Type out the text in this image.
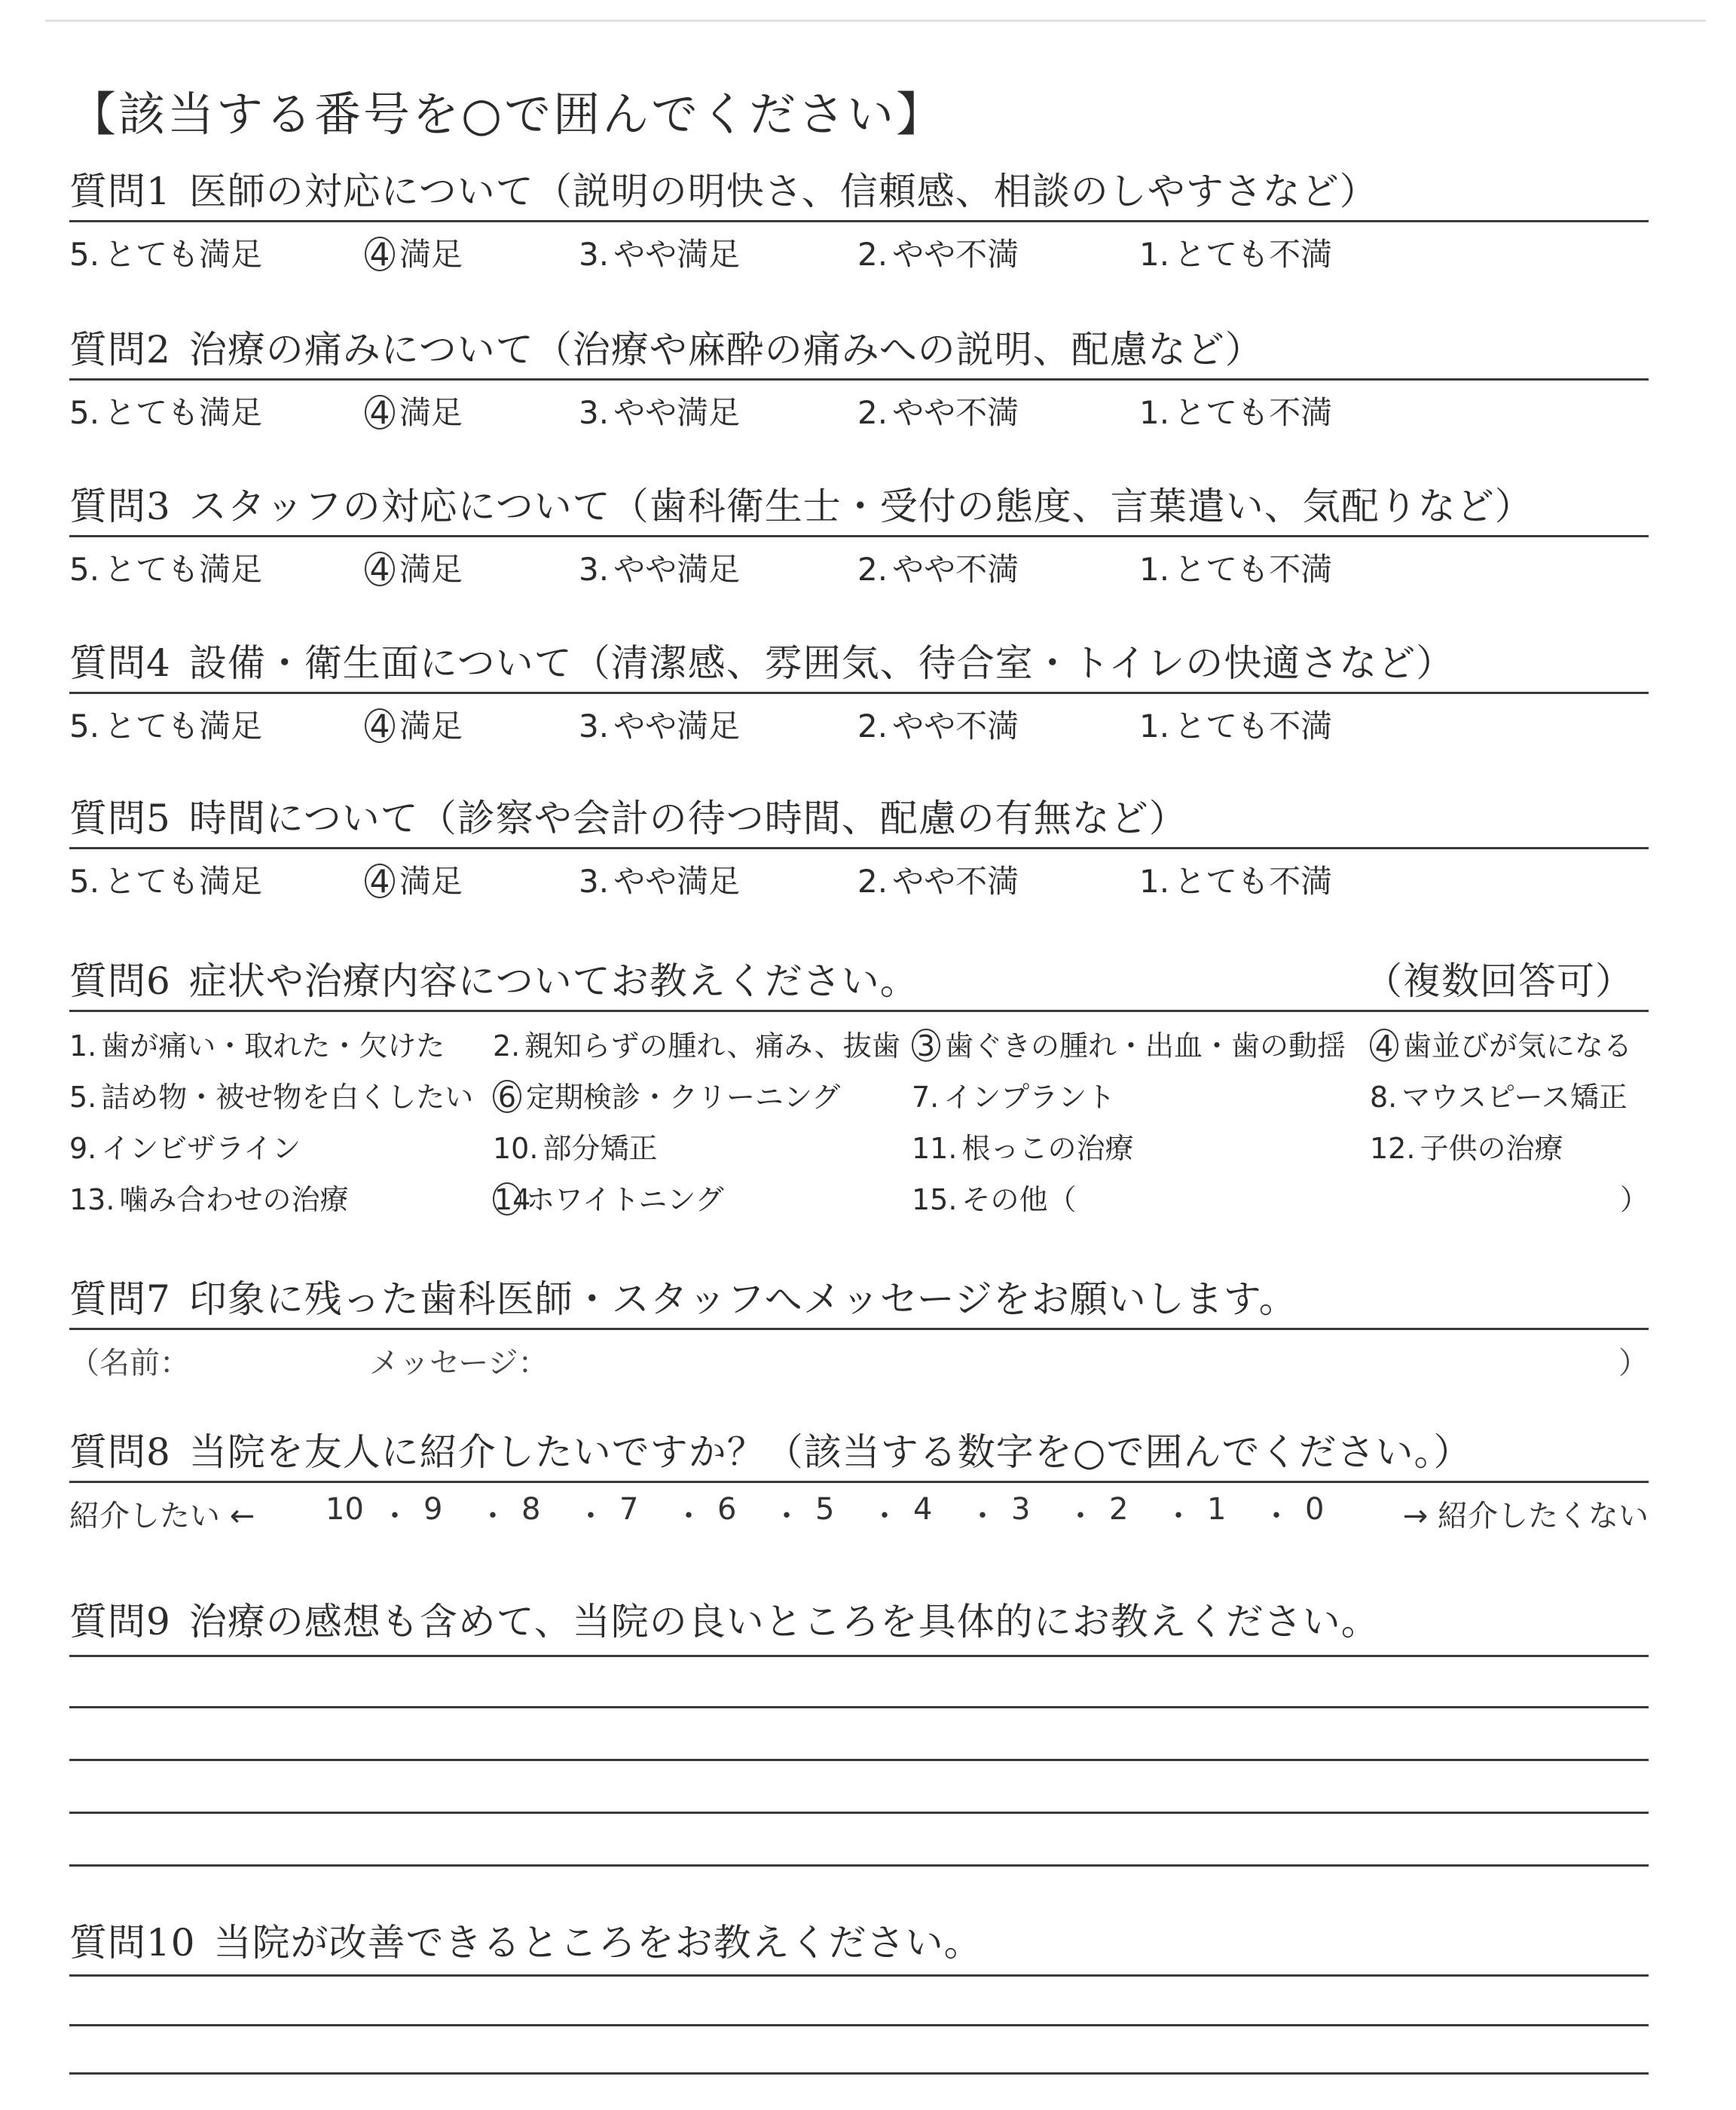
【該当する番号を○で囲んでください】
質問1 医師の対応について（説明の明快さ、信頼感、相談のしやすさなど）
5. とても満足	4 満足	3. やや満足	2. やや不満	1. とても不満
質問2 治療の痛みについて（治療や麻酔の痛みへの説明、配慮など）
5. とても満足	4 満足	3. やや満足	2. やや不満	1. とても不満
質問3 スタッフの対応について（歯科衛生士・受付の態度、言葉遣い、気配りなど）
5. とても満足	4 満足	3. やや満足	2. やや不満	1. とても不満
質問4 設備・衛生面について（清潔感、雰囲気、待合室・トイレの快適さなど）
5. とても満足	4 満足	3. やや満足	2. やや不満	1. とても不満
質問5 時間について（診察や会計の待つ時間、配慮の有無など）
5. とても満足	4 満足	3. やや満足	2. やや不満	1. とても不満
質問6 症状や治療内容についてお教えください。	（複数回答可）
1. 歯が痛い・取れた・欠けた 2. 親知らずの腫れ、痛み、抜歯 3 歯ぐきの腫れ・出血・歯の動揺 4 歯並びが気になる
5. 詰め物・被せ物を白くしたい 6 定期検診・クリーニング 7. インプラント	8. マウスピース矯正
9. インビザライン	10. 部分矯正	11. 根っこの治療	12. 子供の治療
13. 噛み合わせの治療	14ホワイトニング	15. その他（	）
質問7 印象に残った歯科医師・スタッフへメッセージをお願いします。
（名前：	メッセージ：	）
質問8 当院を友人に紹介したいですか？（該当する数字を○で囲んでください。）
紹介したい ←	→ 紹介したくない
10 ・ 9 ・ 8 ・ 7 ・ 6 ・ 5 ・ 4 ・ 3 ・ 2 ・ 1 ・ 0
質問9 治療の感想も含めて、当院の良いところを具体的にお教えください。
質問10 当院が改善できるところをお教えください。
